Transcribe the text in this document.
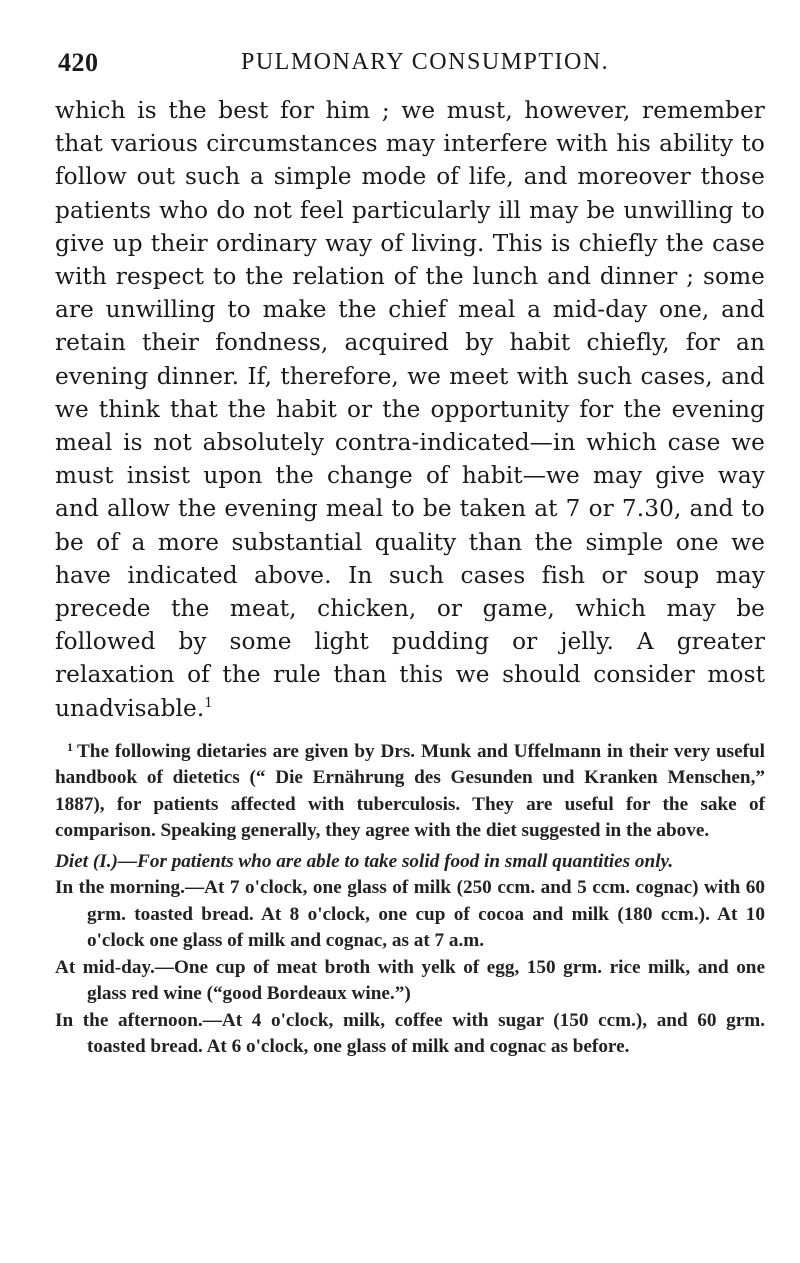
420	PULMONARY CONSUMPTION.

which is the best for him ; we must, however, remember that various circumstances may interfere with his ability to follow out such a simple mode of life, and moreover those patients who do not feel particularly ill may be unwilling to give up their ordinary way of living. This is chiefly the case with respect to the relation of the lunch and dinner ; some are unwilling to make the chief meal a mid-day one, and retain their fondness, acquired by habit chiefly, for an evening dinner. If, therefore, we meet with such cases, and we think that the habit or the opportunity for the evening meal is not absolutely contra-indicated—in which case we must insist upon the change of habit—we may give way and allow the evening meal to be taken at 7 or 7.30, and to be of a more substantial quality than the simple one we have indicated above. In such cases fish or soup may precede the meat, chicken, or game, which may be followed by some light pudding or jelly. A greater relaxation of the rule than this we should consider most unadvisable.$^1$

$^1$ The following dietaries are given by Drs. Munk and Uffelmann in their very useful handbook of dietetics (“ Die Ernährung des Gesunden und Kranken Menschen,” 1887), for patients affected with tuberculosis. They are useful for the sake of comparison. Speaking generally, they agree with the diet suggested in the above.

Diet (I.)—For patients who are able to take solid food in small quantities only.

In the morning.—At 7 o'clock, one glass of milk (250 ccm. and 5 ccm. cognac) with 60 grm. toasted bread. At 8 o'clock, one cup of cocoa and milk (180 ccm.). At 10 o'clock one glass of milk and cognac, as at 7 a.m.

At mid-day.—One cup of meat broth with yelk of egg, 150 grm. rice milk, and one glass red wine (“good Bordeaux wine.”)

In the afternoon.—At 4 o'clock, milk, coffee with sugar (150 ccm.), and 60 grm. toasted bread. At 6 o'clock, one glass of milk and cognac as before.
